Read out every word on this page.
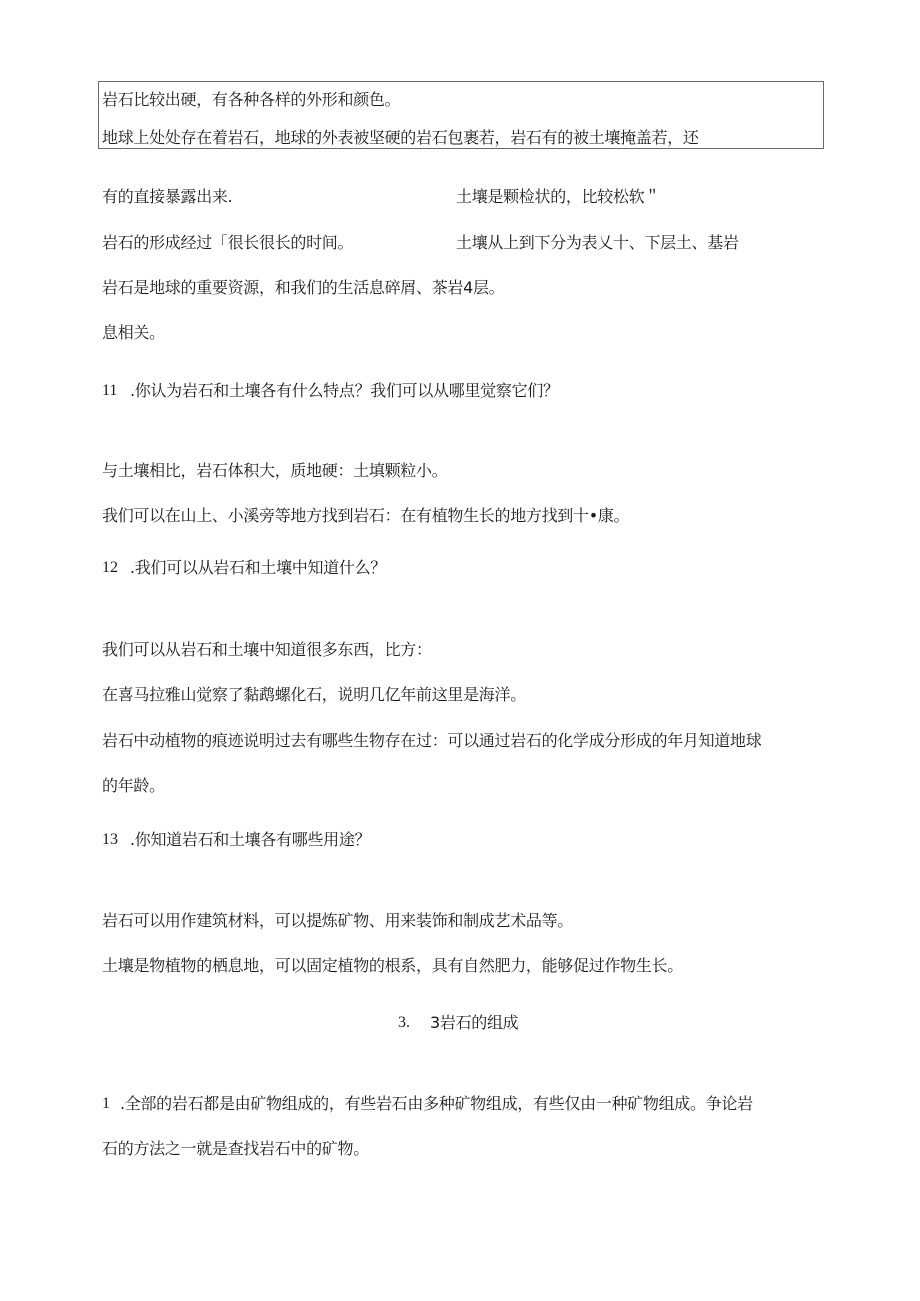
岩石比较出硬，有各种各样的外形和颜色。
地球上处处存在着岩石，地球的外表被坚硬的岩石包裹若，岩石有的被土壤掩盖若，还
有的直接暴露出来.	土壤是颗检状的，比较松软＂
岩石的形成经过「很长很长的时间。	土壤从上到下分为表乂十、下层土、基岩
岩石是地球的重要资源，和我们的生活息碎屑、茶岩4层。
息相关。
11 .你认为岩石和土壤各有什么特点？我们可以从哪里觉察它们？
与土壤相比，岩石体积大，质地硬：土填颗粒小。
我们可以在山上、小溪旁等地方找到岩石：在有植物生长的地方找到十•康。
12 .我们可以从岩石和土壤中知道什么？
我们可以从岩石和土壤中知道很多东西，比方：
在喜马拉雅山觉察了黏鹉螺化石，说明几亿年前这里是海洋。
岩石中动植物的痕迹说明过去有哪些生物存在过：可以通过岩石的化学成分形成的年月知道地球
的年龄。
13 .你知道岩石和土壤各有哪些用途？
岩石可以用作建筑材料，可以提炼矿物、用来装饰和制成艺术品等。
土壤是物植物的栖息地，可以固定植物的根系，具有自然肥力，能够促过作物生长。
3. 3岩石的组成
1 .全部的岩石都是由矿物组成的，有些岩石由多种矿物组成，有些仅由一种矿物组成。争论岩
石的方法之一就是查找岩石中的矿物。
